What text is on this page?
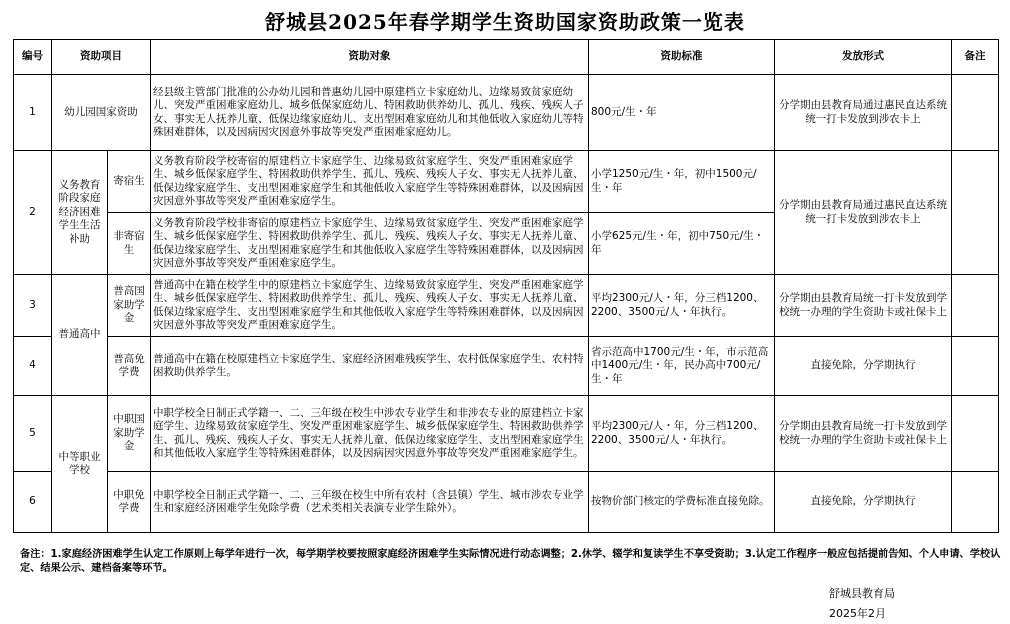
舒城县2025年春学期学生资助国家资助政策一览表
编号	资助项目		资助对象	资助标准	发放形式	备注
1	幼儿园国家资助		经县级主管部门批准的公办幼儿园和普惠幼儿园中原建档立卡家庭幼儿、边缘易致贫家庭幼儿、突发严重困难家庭幼儿、城乡低保家庭幼儿、特困救助供养幼儿、孤儿、残疾、残疾人子女、事实无人抚养儿童、低保边缘家庭幼儿、支出型困难家庭幼儿和其他低收入家庭幼儿等特殊困难群体，以及因病因灾因意外事故等突发严重困难家庭幼儿。	800元/生・年	分学期由县教育局通过惠民直达系统统一打卡发放到涉农卡上	
2	义务教育阶段家庭经济困难学生生活补助	寄宿生	义务教育阶段学校寄宿的原建档立卡家庭学生、边缘易致贫家庭学生、突发严重困难家庭学生、城乡低保家庭学生、特困救助供养学生、孤儿、残疾、残疾人子女、事实无人抚养儿童、低保边缘家庭学生、支出型困难家庭学生和其他低收入家庭学生等特殊困难群体，以及因病因灾因意外事故等突发严重困难家庭学生。	小学1250元/生・年，初中1500元/生・年	分学期由县教育局通过惠民直达系统统一打卡发放到涉农卡上	
		非寄宿生	义务教育阶段学校非寄宿的原建档立卡家庭学生、边缘易致贫家庭学生、突发严重困难家庭学生、城乡低保家庭学生、特困救助供养学生、孤儿、残疾、残疾人子女、事实无人抚养儿童、低保边缘家庭学生、支出型困难家庭学生和其他低收入家庭学生等特殊困难群体，以及因病因灾因意外事故等突发严重困难家庭学生。	小学625元/生・年，初中750元/生・年		
3	普通高中	普高国家助学金	普通高中在籍在校学生中的原建档立卡家庭学生、边缘易致贫家庭学生、突发严重困难家庭学生、城乡低保家庭学生、特困救助供养学生、孤儿、残疾、残疾人子女、事实无人抚养儿童、低保边缘家庭学生、支出型困难家庭学生和其他低收入家庭学生等特殊困难群体，以及因病因灾因意外事故等突发严重困难家庭学生。	平均2300元/人・年，分三档1200、2200、3500元/人・年执行。	分学期由县教育局统一打卡发放到学校统一办理的学生资助卡或社保卡上	
4		普高免学费	普通高中在籍在校原建档立卡家庭学生、家庭经济困难残疾学生、农村低保家庭学生、农村特困救助供养学生。	省示范高中1700元/生・年，市示范高中1400元/生・年，民办高中700元/生・年	直接免除，分学期执行	
5	中等职业学校	中职国家助学金	中职学校全日制正式学籍一、二、三年级在校生中涉农专业学生和非涉农专业的原建档立卡家庭学生、边缘易致贫家庭学生、突发严重困难家庭学生、城乡低保家庭学生、特困救助供养学生、孤儿、残疾、残疾人子女、事实无人抚养儿童、低保边缘家庭学生、支出型困难家庭学生和其他低收入家庭学生等特殊困难群体，以及因病因灾因意外事故等突发严重困难家庭学生。	平均2300元/人・年，分三档1200、2200、3500元/人・年执行。	分学期由县教育局统一打卡发放到学校统一办理的学生资助卡或社保卡上	
6		中职免学费	中职学校全日制正式学籍一、二、三年级在校生中所有农村（含县镇）学生、城市涉农专业学生和家庭经济困难学生免除学费（艺术类相关表演专业学生除外）。	按物价部门核定的学费标准直接免除。	直接免除，分学期执行	
备注：1.家庭经济困难学生认定工作原则上每学年进行一次，每学期学校要按照家庭经济困难学生实际情况进行动态调整；2.休学、辍学和复读学生不享受资助；3.认定工作程序一般应包括提前告知、个人申请、学校认定、结果公示、建档备案等环节。
舒城县教育局
2025年2月
